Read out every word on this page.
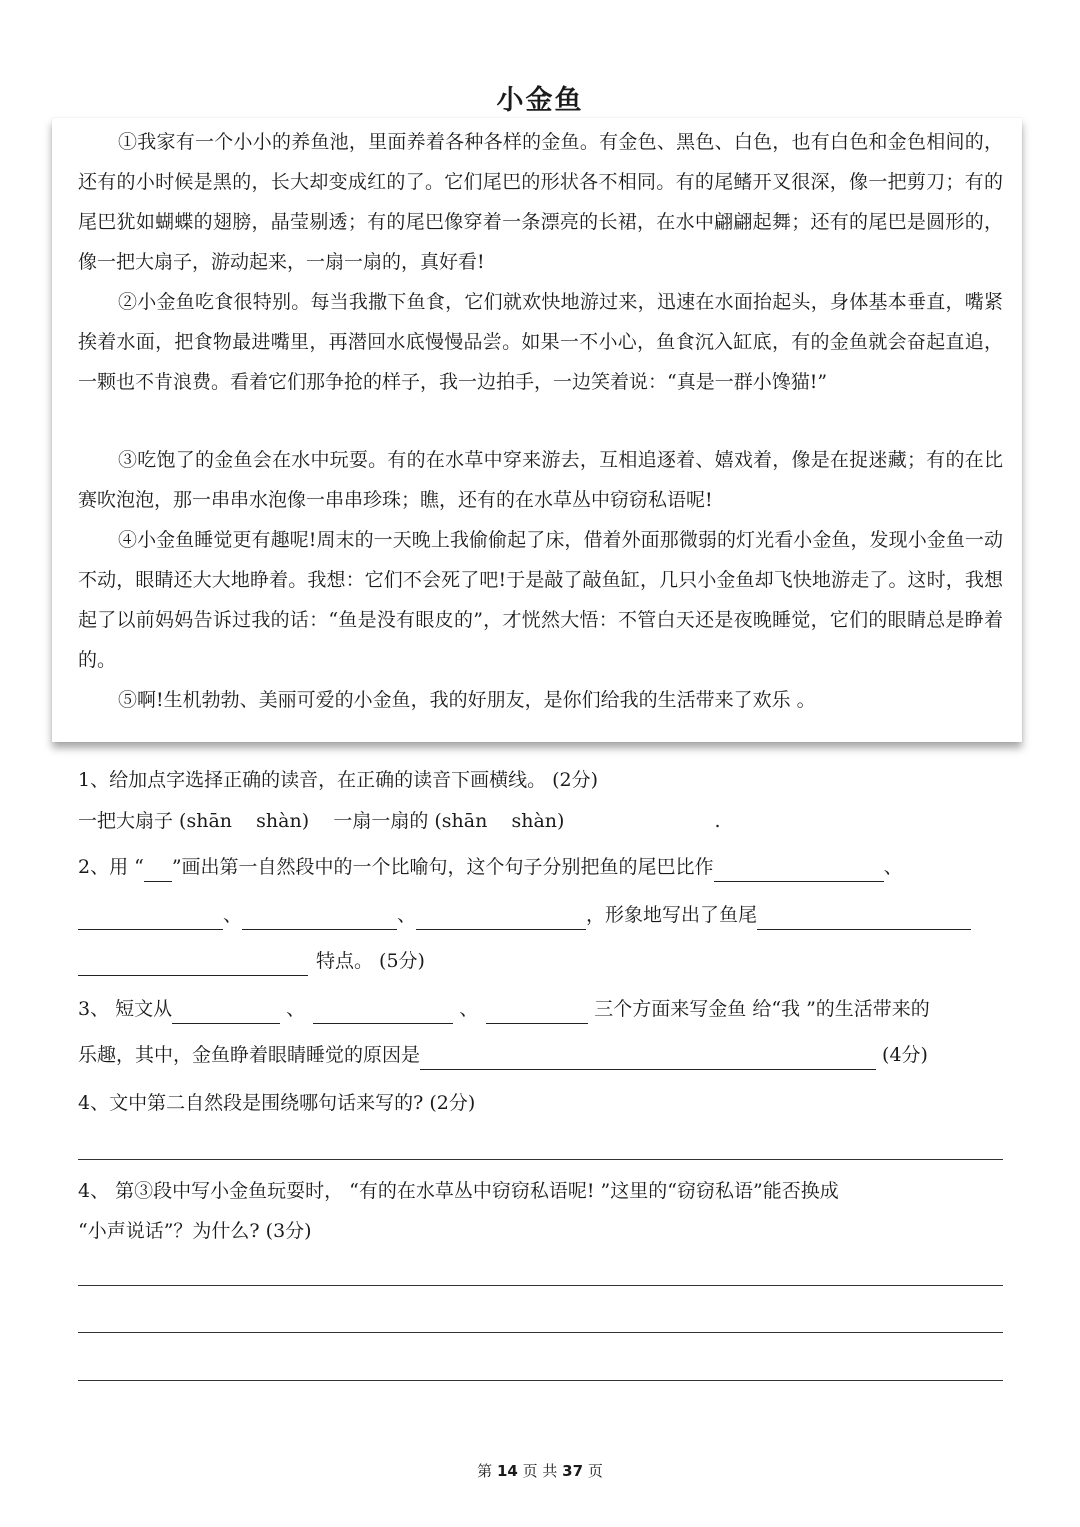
小金鱼

①我家有一个小小的养鱼池，里面养着各种各样的金鱼。有金色、黑色、白色，也有白色和金色相间的，还有的小时候是黑的，长大却变成红的了。它们尾巴的形状各不相同。有的尾鳍开叉很深，像一把剪刀；有的尾巴犹如蝴蝶的翅膀，晶莹剔透；有的尾巴像穿着一条漂亮的长裙，在水中翩翩起舞；还有的尾巴是圆形的，像一把大扇子，游动起来，一扇一扇的，真好看!

②小金鱼吃食很特别。每当我撒下鱼食，它们就欢快地游过来，迅速在水面抬起头，身体基本垂直，嘴紧挨着水面，把食物最进嘴里，再潜回水底慢慢品尝。如果一不小心，鱼食沉入缸底，有的金鱼就会奋起直追，一颗也不肯浪费。看着它们那争抢的样子，我一边拍手，一边笑着说：“真是一群小馋猫!”

③吃饱了的金鱼会在水中玩耍。有的在水草中穿来游去，互相追逐着、嬉戏着，像是在捉迷藏；有的在比赛吹泡泡，那一串串水泡像一串串珍珠；瞧，还有的在水草丛中窃窃私语呢!

④小金鱼睡觉更有趣呢!周末的一天晚上我偷偷起了床，借着外面那微弱的灯光看小金鱼，发现小金鱼一动不动，眼睛还大大地睁着。我想：它们不会死了吧!于是敲了敲鱼缸，几只小金鱼却飞快地游走了。这时，我想起了以前妈妈告诉过我的话：“鱼是没有眼皮的”，才恍然大悟：不管白天还是夜晚睡觉，它们的眼睛总是睁着的。

⑤啊!生机勃勃、美丽可爱的小金鱼，我的好朋友，是你们给我的生活带来了欢乐 。

1、给加点字选择正确的读音，在正确的读音下画横线。 (2分)

一把大扇子 (shān    shàn) 一扇一扇的 (shān    shàn)	.

2、用 “ ”画出第一自然段中的一个比喻句，这个句子分别把鱼的尾巴比作	、

、	、	，形象地写出了鱼尾

特点。 (5分)

3、 短文从	、	、	三个方面来写金鱼 给“我 ”的生活带来的

乐趣，其中，金鱼睁着眼睛睡觉的原因是	(4分)

4、文中第二自然段是围绕哪句话来写的? (2分)

4、 第③段中写小金鱼玩耍时， “有的在水草丛中窃窃私语呢! ”这里的“窃窃私语”能否换成

“小声说话”？为什么? (3分)

第 14 页 共 37 页
